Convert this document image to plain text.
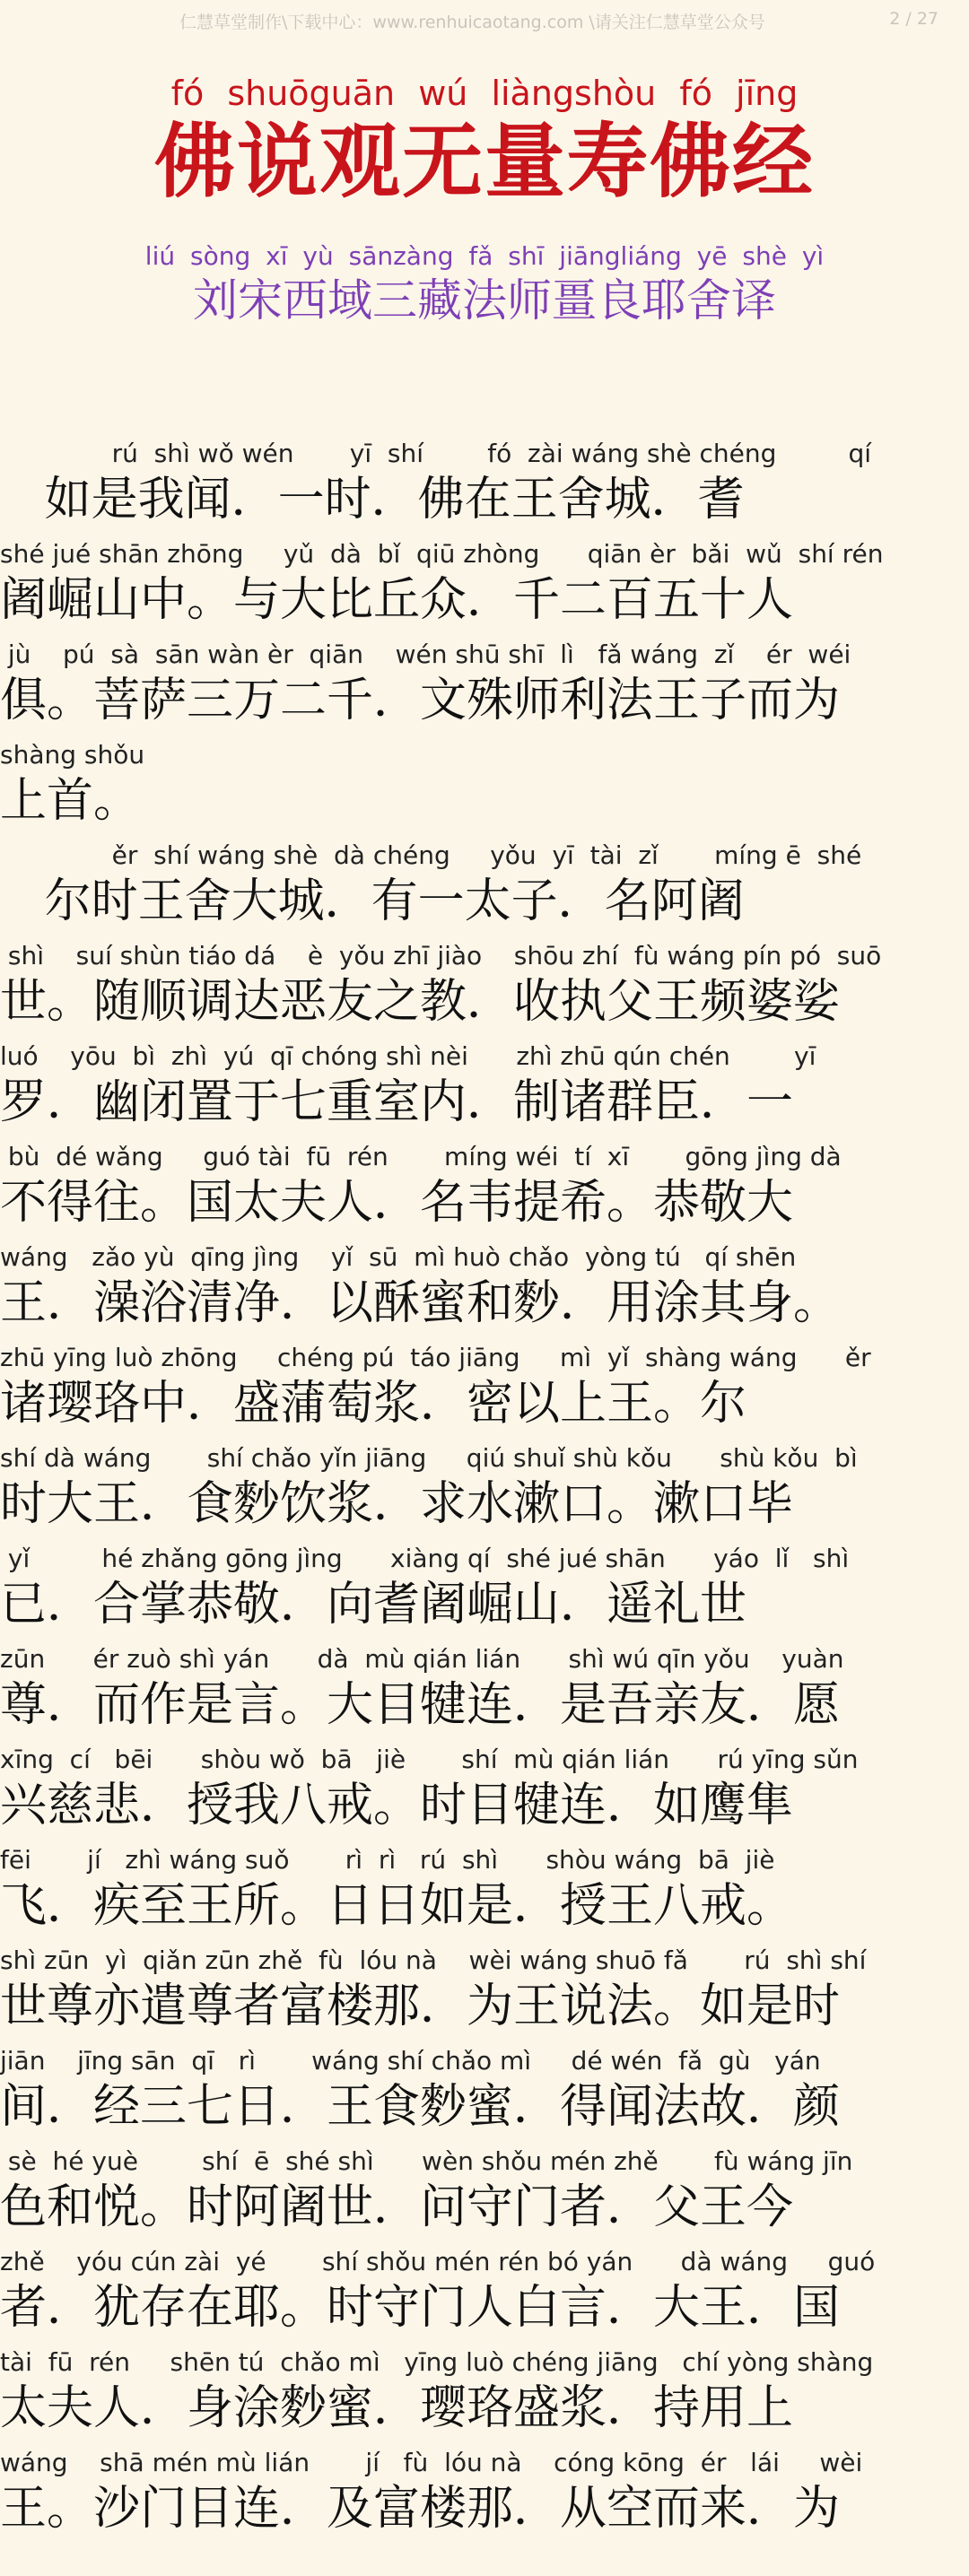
仁慧草堂制作\下载中心：www.renhuicaotang.com \请关注仁慧草堂公众号	2 / 27
fó shuōguān wú liàngshòu fó jīng
佛说观无量寿佛经
liú sòng xī yù sānzàng fǎ shī jiāngliáng yē shè yì
刘宋西域三藏法师畺良耶舍译
rú  shì wǒ wén       yī  shí        fó  zài wáng shè chéng         qí
如是我闻．一时．佛在王舍城．耆
shé jué shān zhōng     yǔ  dà  bǐ  qiū zhòng      qiān èr  bǎi  wǔ  shí rén
阇崛山中。与大比丘众．千二百五十人
jù    pú  sà  sān wàn èr  qiān    wén shū shī  lì   fǎ wáng  zǐ    ér  wéi
俱。菩萨三万二千．文殊师利法王子而为
shàng shǒu
上首。
ěr  shí wáng shè  dà chéng     yǒu  yī  tài  zǐ       míng ē  shé
尔时王舍大城．有一太子．名阿阇
shì    suí shùn tiáo dá    è  yǒu zhī jiào    shōu zhí  fù wáng pín pó  suō
世。随顺调达恶友之教．收执父王频婆娑
luó    yōu  bì  zhì  yú  qī chóng shì nèi      zhì zhū qún chén        yī
罗．幽闭置于七重室内．制诸群臣．一
bù  dé wǎng     guó tài  fū  rén       míng wéi  tí  xī       gōng jìng dà
不得往。国太夫人．名韦提希。恭敬大
wáng   zǎo yù  qīng jìng    yǐ  sū  mì huò chǎo  yòng tú   qí shēn
王．澡浴清净．以酥蜜和麨．用涂其身。
zhū yīng luò zhōng     chéng pú  táo jiāng     mì  yǐ  shàng wáng      ěr
诸璎珞中．盛蒲萄浆．密以上王。尔
shí dà wáng       shí chǎo yǐn jiāng     qiú shuǐ shù kǒu      shù kǒu  bì
时大王．食麨饮浆．求水漱口。漱口毕
yǐ         hé zhǎng gōng jìng      xiàng qí  shé jué shān      yáo  lǐ   shì
已．合掌恭敬．向耆阇崛山．遥礼世
zūn      ér zuò shì yán      dà  mù qián lián      shì wú qīn yǒu    yuàn
尊．而作是言。大目犍连．是吾亲友．愿
xīng  cí   bēi      shòu wǒ  bā   jiè       shí  mù qián lián      rú yīng sǔn
兴慈悲．授我八戒。时目犍连．如鹰隼
fēi       jí   zhì wáng suǒ       rì  rì   rú  shì      shòu wáng  bā  jiè
飞．疾至王所。日日如是．授王八戒。
shì zūn  yì  qiǎn zūn zhě  fù  lóu nà    wèi wáng shuō fǎ       rú  shì shí
世尊亦遣尊者富楼那．为王说法。如是时
jiān    jīng sān  qī   rì       wáng shí chǎo mì     dé wén  fǎ  gù   yán
间．经三七日．王食麨蜜．得闻法故．颜
sè  hé yuè        shí  ē  shé shì      wèn shǒu mén zhě       fù wáng jīn
色和悦。时阿阇世．问守门者．父王今
zhě    yóu cún zài  yé       shí shǒu mén rén bó yán      dà wáng     guó
者．犹存在耶。时守门人白言．大王．国
tài  fū  rén     shēn tú  chǎo mì   yīng luò chéng jiāng   chí yòng shàng
太夫人．身涂麨蜜．璎珞盛浆．持用上
wáng    shā mén mù lián       jí   fù  lóu nà    cóng kōng  ér   lái     wèi
王。沙门目连．及富楼那．从空而来．为
